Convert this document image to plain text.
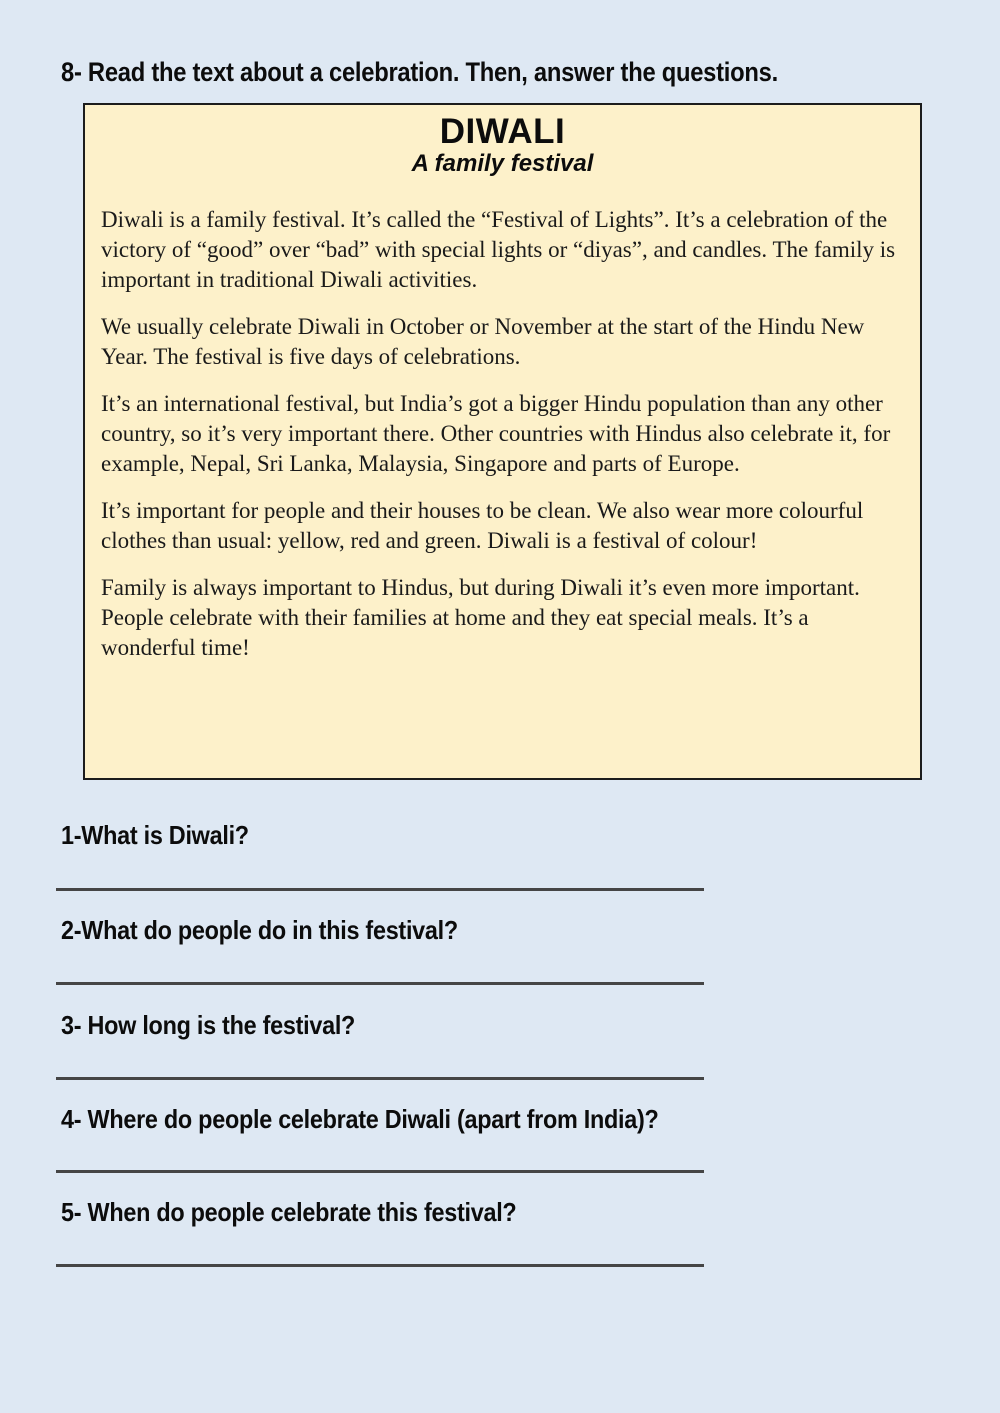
8- Read the text about a celebration. Then, answer the questions.
DIWALI
A family festival

Diwali is a family festival. It’s called the “Festival of Lights”. It’s a celebration of the victory of “good” over “bad” with special lights or “diyas”, and candles. The family is important in traditional Diwali activities.

We usually celebrate Diwali in October or November at the start of the Hindu New Year. The festival is five days of celebrations.

It’s an international festival, but India’s got a bigger Hindu population than any other country, so it’s very important there. Other countries with Hindus also celebrate it, for example, Nepal, Sri Lanka, Malaysia, Singapore and parts of Europe.

It’s important for people and their houses to be clean. We also wear more colourful clothes than usual: yellow, red and green. Diwali is a festival of colour!

Family is always important to Hindus, but during Diwali it’s even more important. People celebrate with their families at home and they eat special meals. It’s a wonderful time!

1-What is Diwali?
2-What do people do in this festival?
3- How long is the festival?
4- Where do people celebrate Diwali (apart from India)?
5- When do people celebrate this festival?
